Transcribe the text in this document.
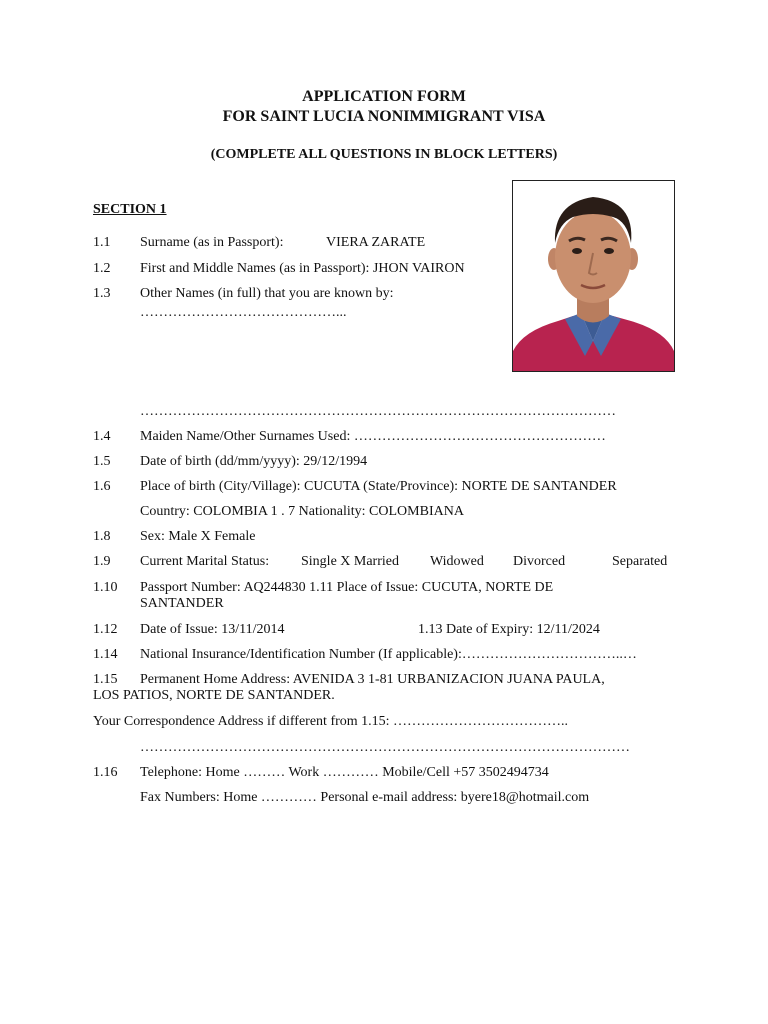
APPLICATION FORM
FOR SAINT LUCIA NONIMMIGRANT VISA
(COMPLETE ALL QUESTIONS IN BLOCK LETTERS)
SECTION 1
1.1 Surname (as in Passport):	VIERA ZARATE
1.2 First and Middle Names (as in Passport): JHON VAIRON
1.3 Other Names (in full) that you are known by:
……………………………………...
…………………………………………………………………………………………
1.4 Maiden Name/Other Surnames Used: ………………………………………………
1.5 Date of birth (dd/mm/yyyy): 29/12/1994
1.6 Place of birth (City/Village): CUCUTA (State/Province): NORTE DE SANTANDER
Country: COLOMBIA 1 . 7 Nationality: COLOMBIANA
1.8 Sex: Male X Female
1.9 Current Marital Status: Single X Married Widowed Divorced	Separated
1.10 Passport Number: AQ244830 1.11 Place of Issue: CUCUTA, NORTE DE
SANTANDER
1.12 Date of Issue: 13/11/2014	1.13 Date of Expiry: 12/11/2024
1.14 National Insurance/Identification Number (If applicable):……………………………..…
1.15 Permanent Home Address: AVENIDA 3 1-81 URBANIZACION JUANA PAULA,
LOS PATIOS, NORTE DE SANTANDER.
Your Correspondence Address if different from 1.15: ………………………………..
……………………………………………………………………………………………
1.16 Telephone: Home ……… Work ………… Mobile/Cell +57 3502494734
Fax Numbers: Home ………… Personal e-mail address: byere18@hotmail.com
